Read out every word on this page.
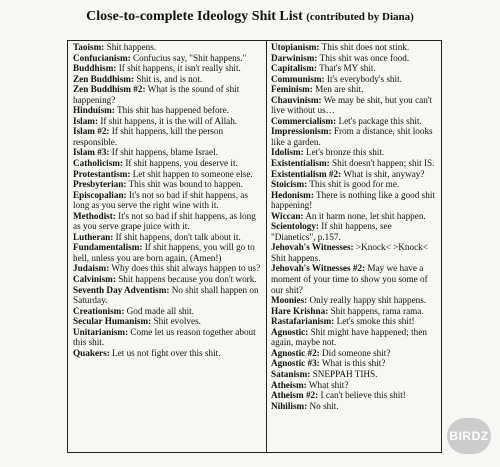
Close-to-complete Ideology Shit List (contributed by Diana)
Taoism: Shit happens.
Confucianism: Confucius say, "Shit happens."
Buddhism: If shit happens, it isn't really shit.
Zen Buddhism: Shit is, and is not.
Zen Buddhism #2: What is the sound of shit happening?
Hinduism: This shit has happened before.
Islam: If shit happens, it is the will of Allah.
Islam #2: If shit happens, kill the person responsible.
Islam #3: If shit happens, blame Israel.
Catholicism: If shit happens, you deserve it.
Protestantism: Let shit happen to someone else.
Presbyterian: This shit was bound to happen.
Episcopalian: It's not so bad if shit happens, as long as you serve the right wine with it.
Methodist: It's not so bad if shit happens, as long as you serve grape juice with it.
Lutheran: If shit happens, don't talk about it.
Fundamentalism: If shit happens, you will go to hell, unless you are born again. (Amen!)
Judaism: Why does this shit always happen to us?
Calvinism: Shit happens because you don't work.
Seventh Day Adventism: No shit shall happen on Saturday.
Creationism: God made all shit.
Secular Humanism: Shit evolves.
Unitarianism: Come let us reason together about this shit.
Quakers: Let us not fight over this shit.
Utopianism: This shit does not stink.
Darwinism: This shit was once food.
Capitalism: That's MY shit.
Communism: It's everybody's shit.
Feminism: Men are shit.
Chauvinism: We may be shit, but you can't live without us…
Commercialism: Let's package this shit.
Impressionism: From a distance, shit looks like a garden.
Idolism: Let's bronze this shit.
Existentialism: Shit doesn't happen; shit IS.
Existentialism #2: What is shit, anyway?
Stoicism: This shit is good for me.
Hedonism: There is nothing like a good shit happening!
Wiccan: An it harm none, let shit happen.
Scientology: If shit happens, see "Dianetics", p.157.
Jehovah's Witnesses: >Knock< >Knock< Shit happens.
Jehovah's Witnesses #2: May we have a moment of your time to show you some of our shit?
Moonies: Only really happy shit happens.
Hare Krishna: Shit happens, rama rama.
Rastafarianism: Let's smoke this shit!
Agnostic: Shit might have happened; then again, maybe not.
Agnostic #2: Did someone shit?
Agnostic #3: What is this shit?
Satanism: SNEPPAH TIHS.
Atheism: What shit?
Atheism #2: I can't believe this shit!
Nihilism: No shit.
BIRDZ
